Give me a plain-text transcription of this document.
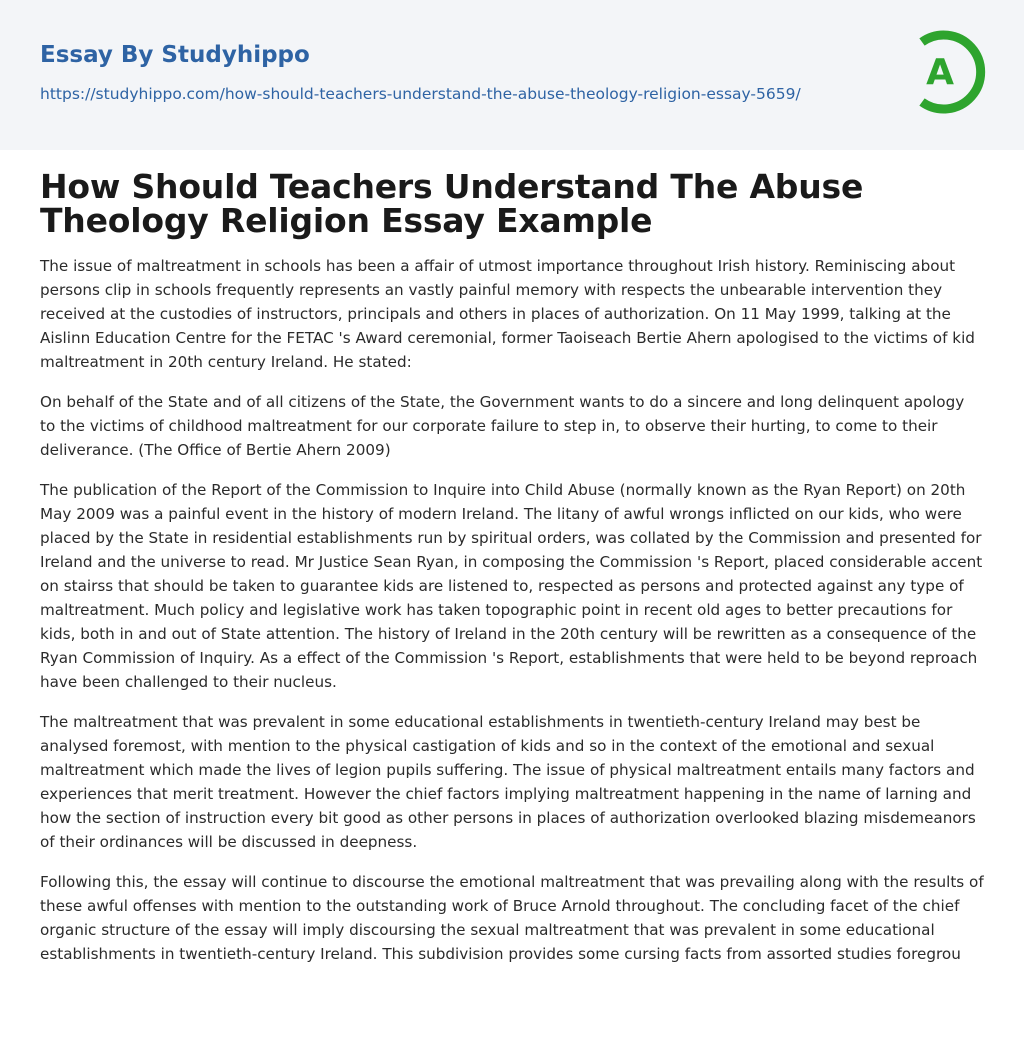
Essay By Studyhippo
https://studyhippo.com/how-should-teachers-understand-the-abuse-theology-religion-essay-5659/
A
How Should Teachers Understand The Abuse Theology Religion Essay Example

The issue of maltreatment in schools has been a affair of utmost importance throughout Irish history. Reminiscing about persons clip in schools frequently represents an vastly painful memory with respects the unbearable intervention they received at the custodies of instructors, principals and others in places of authorization. On 11 May 1999, talking at the Aislinn Education Centre for the FETAC 's Award ceremonial, former Taoiseach Bertie Ahern apologised to the victims of kid maltreatment in 20th century Ireland. He stated:

On behalf of the State and of all citizens of the State, the Government wants to do a sincere and long delinquent apology to the victims of childhood maltreatment for our corporate failure to step in, to observe their hurting, to come to their deliverance. (The Office of Bertie Ahern 2009)

The publication of the Report of the Commission to Inquire into Child Abuse (normally known as the Ryan Report) on 20th May 2009 was a painful event in the history of modern Ireland. The litany of awful wrongs inflicted on our kids, who were placed by the State in residential establishments run by spiritual orders, was collated by the Commission and presented for Ireland and the universe to read. Mr Justice Sean Ryan, in composing the Commission 's Report, placed considerable accent on stairss that should be taken to guarantee kids are listened to, respected as persons and protected against any type of maltreatment. Much policy and legislative work has taken topographic point in recent old ages to better precautions for kids, both in and out of State attention. The history of Ireland in the 20th century will be rewritten as a consequence of the Ryan Commission of Inquiry. As a effect of the Commission 's Report, establishments that were held to be beyond reproach have been challenged to their nucleus.

The maltreatment that was prevalent in some educational establishments in twentieth-century Ireland may best be analysed foremost, with mention to the physical castigation of kids and so in the context of the emotional and sexual maltreatment which made the lives of legion pupils suffering. The issue of physical maltreatment entails many factors and experiences that merit treatment. However the chief factors implying maltreatment happening in the name of larning and how the section of instruction every bit good as other persons in places of authorization overlooked blazing misdemeanors of their ordinances will be discussed in deepness.

Following this, the essay will continue to discourse the emotional maltreatment that was prevailing along with the results of these awful offenses with mention to the outstanding work of Bruce Arnold throughout. The concluding facet of the chief organic structure of the essay will imply discoursing the sexual maltreatment that was prevalent in some educational establishments in twentieth-century Ireland. This subdivision provides some cursing facts from assorted studies foregrou
